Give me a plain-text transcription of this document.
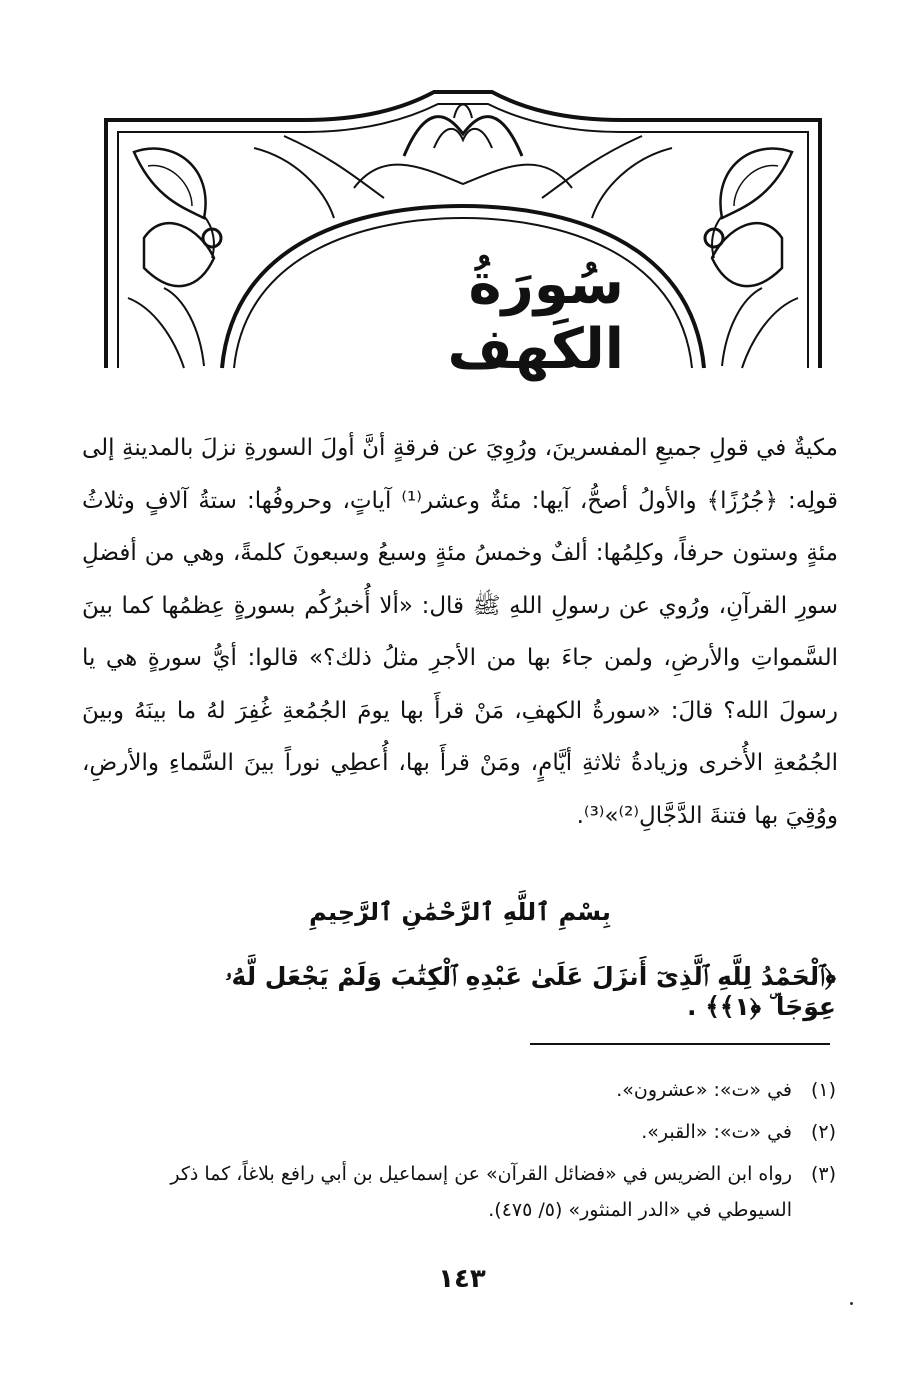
سُورَةُ الكَهف

مكيةٌ في قولِ جميعِ المفسرينَ، ورُوِيَ عن فرقةٍ أنَّ أولَ السورةِ نزلَ بالمدينةِ إلى قولِه: ﴿جُرُزًا﴾ والأولُ أصحُّ، آيها: مئةٌ وعشر⁽¹⁾ آياتٍ، وحروفُها: ستةُ آلافٍ وثلاثُ مئةٍ وستون حرفاً، وكلِمُها: ألفٌ وخمسُ مئةٍ وسبعُ وسبعونَ كلمةً، وهي من أفضلِ سورِ القرآنِ، ورُوي عن رسولِ اللهِ ﷺ قال: «ألا أُخبرُكُم بسورةٍ عِظمُها كما بينَ السَّمواتِ والأرضِ، ولمن جاءَ بها من الأجرِ مثلُ ذلك؟» قالوا: أيُّ سورةٍ هي يا رسولَ الله؟ قالَ: «سورةُ الكهفِ، مَنْ قرأَ بها يومَ الجُمُعةِ غُفِرَ لهُ ما بينَهُ وبينَ الجُمُعةِ الأُخرى وزيادةُ ثلاثةِ أيَّامٍ، ومَنْ قرأَ بها، أُعطِي نوراً بينَ السَّماءِ والأرضِ، ووُقِيَ بها فتنةَ الدَّجَّالِ⁽²⁾»⁽³⁾.

بِسْمِ ٱللَّهِ ٱلرَّحْمَٰنِ ٱلرَّحِيمِ
﴿ٱلْحَمْدُ لِلَّهِ ٱلَّذِىٓ أَنزَلَ عَلَىٰ عَبْدِهِ ٱلْكِتَٰبَ وَلَمْ يَجْعَل لَّهُۥ عِوَجَا ۜ ﴿١﴾﴾ .
(١)
في «ت»: «عشرون».
(٢)
في «ت»: «القبر».
(٣)
رواه ابن الضريس في «فضائل القرآن» عن إسماعيل بن أبي رافع بلاغاً، كما ذكر السيوطي في «الدر المنثور» (٥/ ٤٧٥).
١٤٣
